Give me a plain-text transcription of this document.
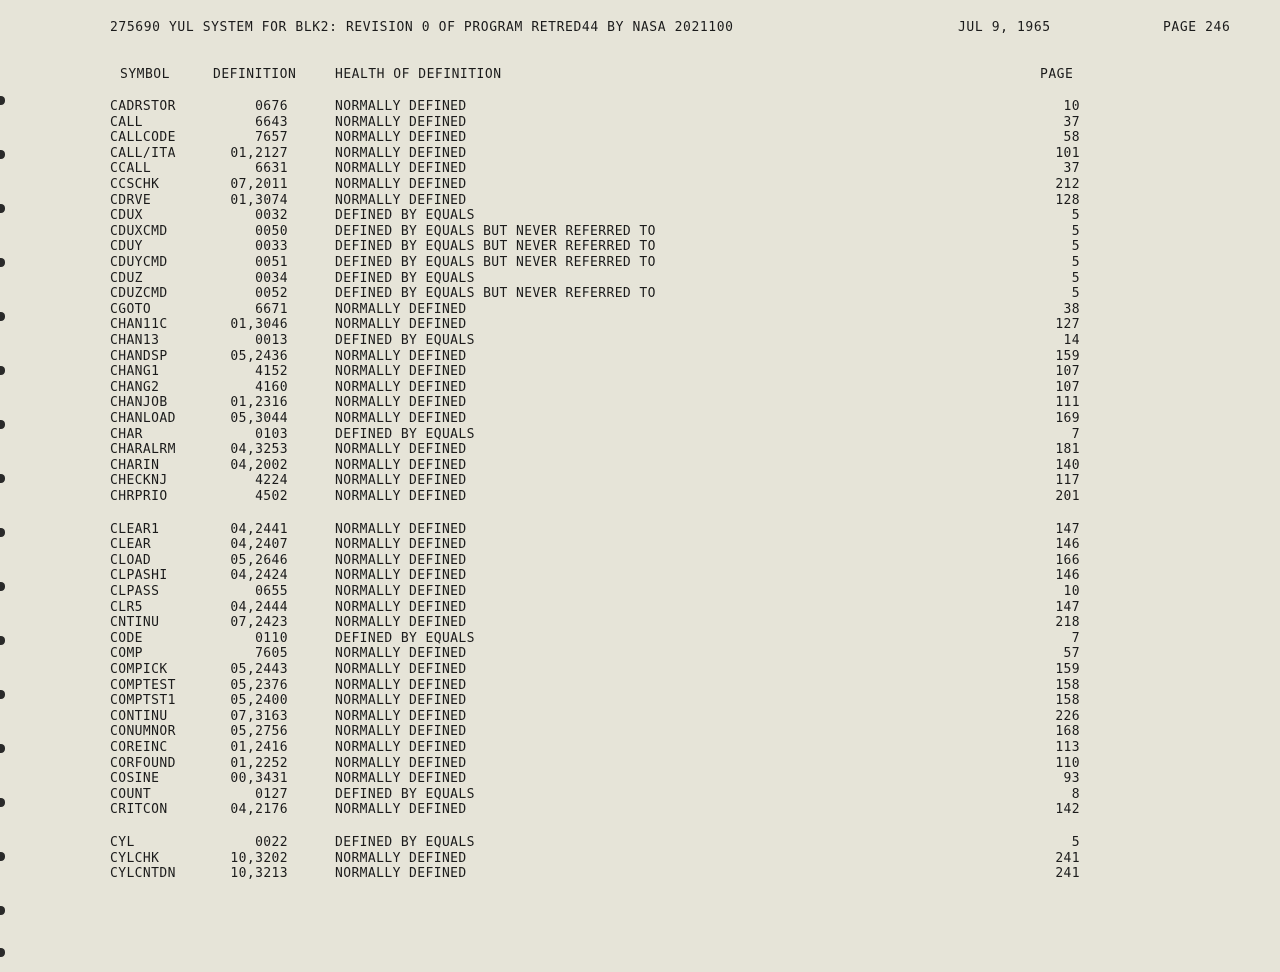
275690 YUL SYSTEM FOR BLK2: REVISION 0 OF PROGRAM RETRED44 BY NASA 2021100	JUL 9, 1965	PAGE 246
SYMBOL	DEFINITION	HEALTH OF DEFINITION	PAGE
CADRSTOR	0676	NORMALLY DEFINED	10
CALL	6643	NORMALLY DEFINED	37
CALLCODE	7657	NORMALLY DEFINED	58
CALL/ITA	01,2127	NORMALLY DEFINED	101
CCALL	6631	NORMALLY DEFINED	37
CCSCHK	07,2011	NORMALLY DEFINED	212
CDRVE	01,3074	NORMALLY DEFINED	128
CDUX	0032	DEFINED BY EQUALS	5
CDUXCMD	0050	DEFINED BY EQUALS BUT NEVER REFERRED TO	5
CDUY	0033	DEFINED BY EQUALS BUT NEVER REFERRED TO	5
CDUYCMD	0051	DEFINED BY EQUALS BUT NEVER REFERRED TO	5
CDUZ	0034	DEFINED BY EQUALS	5
CDUZCMD	0052	DEFINED BY EQUALS BUT NEVER REFERRED TO	5
CGOTO	6671	NORMALLY DEFINED	38
CHAN11C	01,3046	NORMALLY DEFINED	127
CHAN13	0013	DEFINED BY EQUALS	14
CHANDSP	05,2436	NORMALLY DEFINED	159
CHANG1	4152	NORMALLY DEFINED	107
CHANG2	4160	NORMALLY DEFINED	107
CHANJOB	01,2316	NORMALLY DEFINED	111
CHANLOAD	05,3044	NORMALLY DEFINED	169
CHAR	0103	DEFINED BY EQUALS	7
CHARALRM	04,3253	NORMALLY DEFINED	181
CHARIN	04,2002	NORMALLY DEFINED	140
CHECKNJ	4224	NORMALLY DEFINED	117
CHRPRIO	4502	NORMALLY DEFINED	201
CLEAR1	04,2441	NORMALLY DEFINED	147
CLEAR	04,2407	NORMALLY DEFINED	146
CLOAD	05,2646	NORMALLY DEFINED	166
CLPASHI	04,2424	NORMALLY DEFINED	146
CLPASS	0655	NORMALLY DEFINED	10
CLR5	04,2444	NORMALLY DEFINED	147
CNTINU	07,2423	NORMALLY DEFINED	218
CODE	0110	DEFINED BY EQUALS	7
COMP	7605	NORMALLY DEFINED	57
COMPICK	05,2443	NORMALLY DEFINED	159
COMPTEST	05,2376	NORMALLY DEFINED	158
COMPTST1	05,2400	NORMALLY DEFINED	158
CONTINU	07,3163	NORMALLY DEFINED	226
CONUMNOR	05,2756	NORMALLY DEFINED	168
COREINC	01,2416	NORMALLY DEFINED	113
CORFOUND	01,2252	NORMALLY DEFINED	110
COSINE	00,3431	NORMALLY DEFINED	93
COUNT	0127	DEFINED BY EQUALS	8
CRITCON	04,2176	NORMALLY DEFINED	142
CYL	0022	DEFINED BY EQUALS	5
CYLCHK	10,3202	NORMALLY DEFINED	241
CYLCNTDN	10,3213	NORMALLY DEFINED	241
